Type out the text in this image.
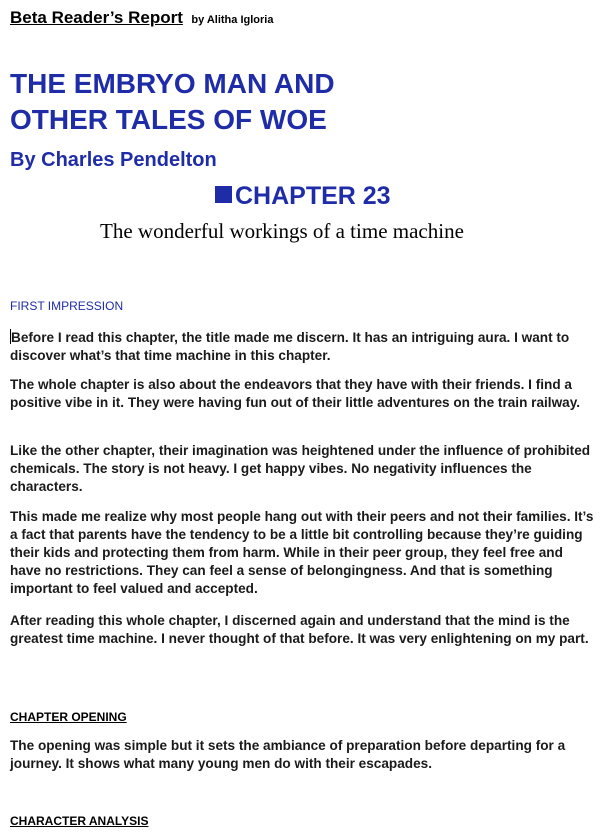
Beta Reader’s Report by Alitha Igloria
THE EMBRYO MAN AND
OTHER TALES OF WOE
By Charles Pendelton
CHAPTER 23
The wonderful workings of a time machine
FIRST IMPRESSION

Before I read this chapter, the title made me discern. It has an intriguing aura. I want to discover what’s that time machine in this chapter.

The whole chapter is also about the endeavors that they have with their friends. I find a positive vibe in it. They were having fun out of their little adventures on the train railway.

Like the other chapter, their imagination was heightened under the influence of prohibited chemicals. The story is not heavy. I get happy vibes. No negativity influences the characters.

This made me realize why most people hang out with their peers and not their families. It’s a fact that parents have the tendency to be a little bit controlling because they’re guiding their kids and protecting them from harm. While in their peer group, they feel free and have no restrictions. They can feel a sense of belongingness. And that is something important to feel valued and accepted.

After reading this whole chapter, I discerned again and understand that the mind is the greatest time machine. I never thought of that before. It was very enlightening on my part.

CHAPTER OPENING

The opening was simple but it sets the ambiance of preparation before departing for a journey. It shows what many young men do with their escapades.

CHARACTER ANALYSIS
